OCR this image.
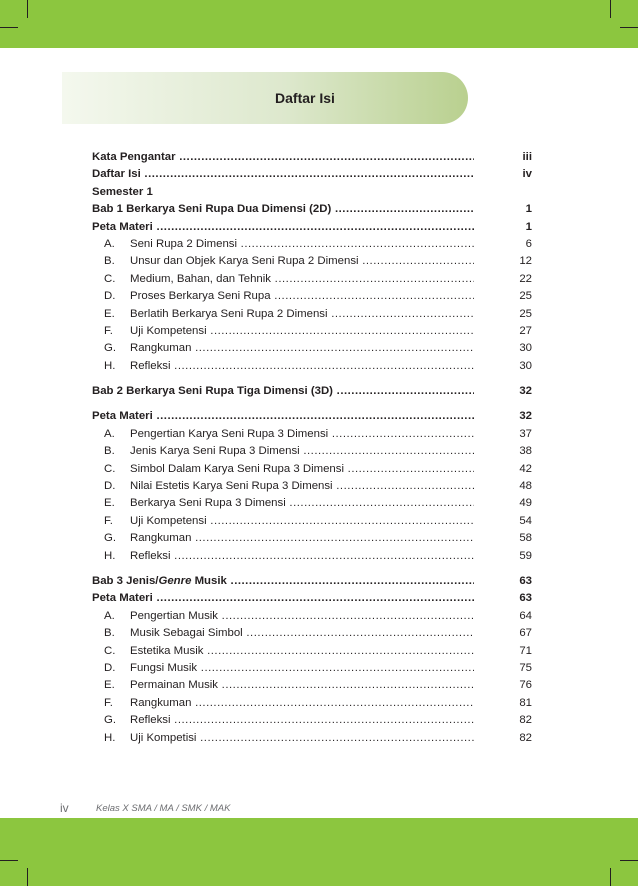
Daftar Isi
Kata Pengantar .....	iii
Daftar Isi .....	iv
Semester 1
Bab 1 Berkarya Seni Rupa Dua Dimensi (2D) .....	1
Peta Materi .....	1
A. Seni Rupa 2 Dimensi .....	6
B. Unsur dan Objek Karya Seni Rupa 2 Dimensi .....	12
C. Medium, Bahan, dan Tehnik .....	22
D. Proses Berkarya Seni Rupa .....	25
E. Berlatih Berkarya Seni Rupa 2 Dimensi .....	25
F. Uji Kompetensi .....	27
G. Rangkuman .....	30
H. Refleksi .....	30
Bab 2 Berkarya Seni Rupa Tiga Dimensi (3D) .....	32
Peta Materi .....	32
A. Pengertian Karya Seni Rupa 3 Dimensi .....	37
B. Jenis Karya Seni Rupa 3 Dimensi .....	38
C. Simbol Dalam Karya Seni Rupa 3 Dimensi .....	42
D. Nilai Estetis Karya Seni Rupa 3 Dimensi .....	48
E. Berkarya Seni Rupa 3 Dimensi .....	49
F. Uji Kompetensi .....	54
G. Rangkuman .....	58
H. Refleksi .....	59
Bab 3 Jenis/Genre Musik .....	63
Peta Materi .....	63
A. Pengertian Musik .....	64
B. Musik Sebagai Simbol .....	67
C. Estetika Musik .....	71
D. Fungsi Musik .....	75
E. Permainan Musik .....	76
F. Rangkuman .....	81
G. Refleksi .....	82
H. Uji Kompetisi .....	82
iv	Kelas X SMA / MA / SMK / MAK
